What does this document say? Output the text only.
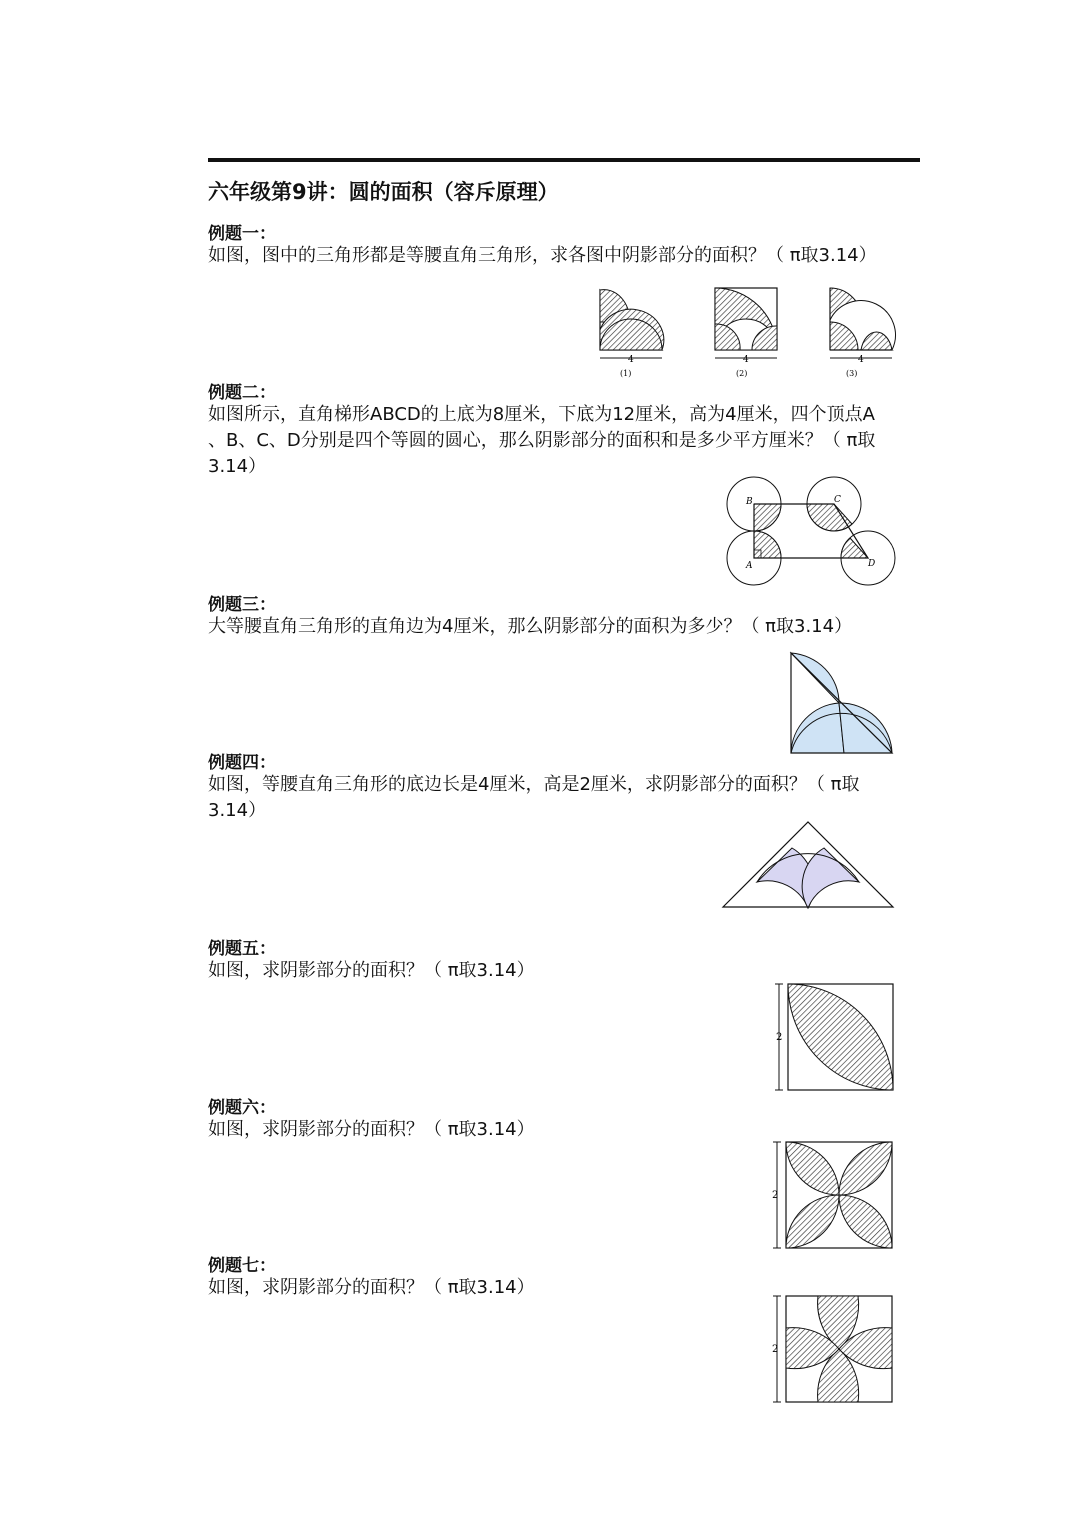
六年级第9讲：圆的面积（容斥原理）
例题一：
如图，图中的三角形都是等腰直角三角形，求各图中阴影部分的面积？（ π取3.14）
4
(1)
4
(2)
4
(3)
例题二：
如图所示，直角梯形ABCD的上底为8厘米，下底为12厘米，高为4厘米，四个顶点A
、B、C、D分别是四个等圆的圆心，那么阴影部分的面积和是多少平方厘米？（ π取
3.14）
B	C
A	D
例题三：
大等腰直角三角形的直角边为4厘米，那么阴影部分的面积为多少？（ π取3.14）
例题四：
如图，等腰直角三角形的底边长是4厘米，高是2厘米，求阴影部分的面积？（ π取
3.14）
例题五：
如图，求阴影部分的面积？（ π取3.14）
2
例题六：
如图，求阴影部分的面积？（ π取3.14）
2
例题七：
如图，求阴影部分的面积？（ π取3.14）
2
